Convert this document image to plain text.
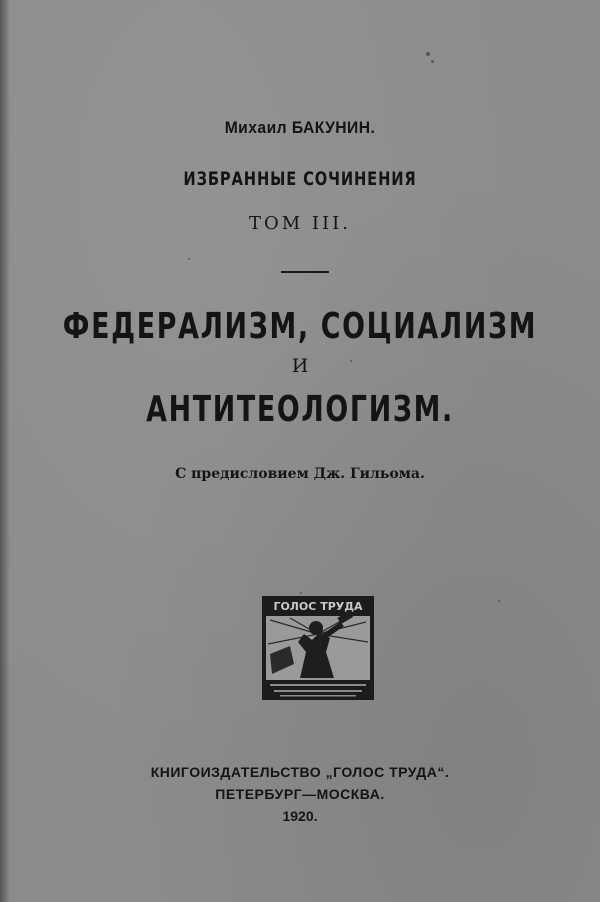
Михаил БАКУНИН.
ИЗБРАННЫЕ СОЧИНЕНИЯ
ТОМ III.
ФЕДЕРАЛИЗМ, СОЦИАЛИЗМ
И
АНТИТЕОЛОГИЗМ.
С предисловием Дж. Гильома.
ГОЛОС ТРУДА
КНИГОИЗДАТЕЛЬСТВО „ГОЛОС ТРУДА“.
ПЕТЕРБУРГ—МОСКВА.
1920.
